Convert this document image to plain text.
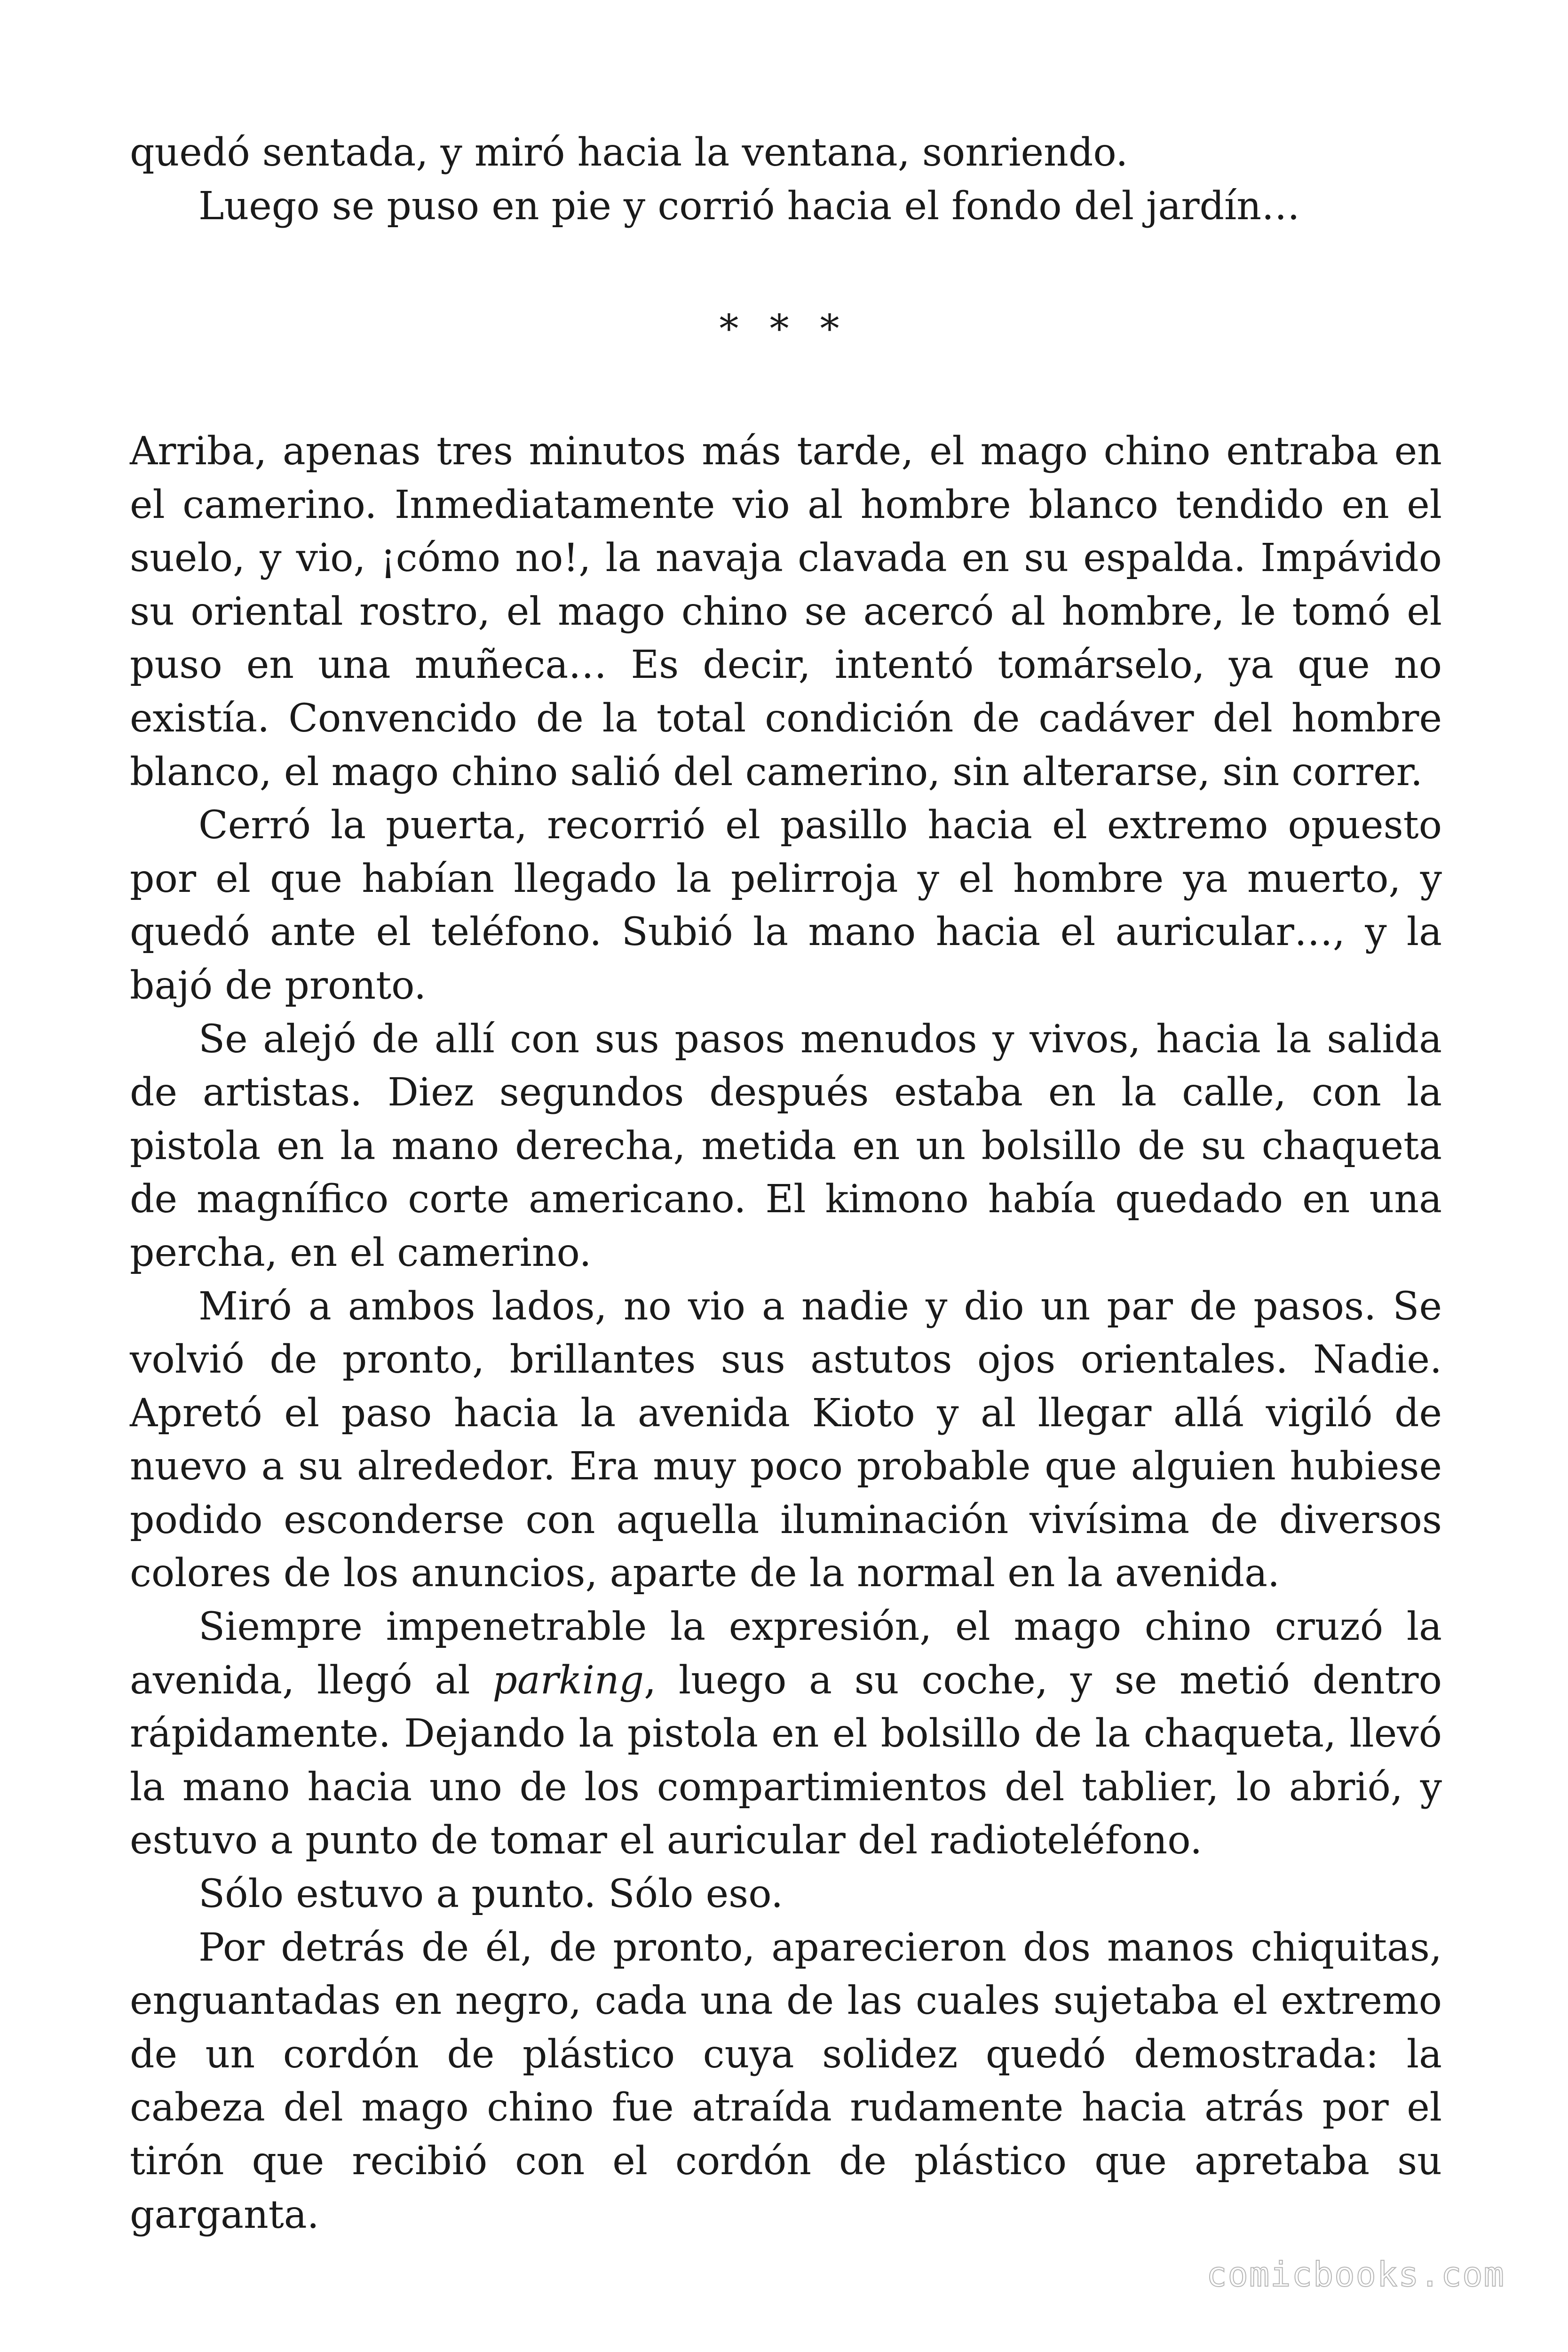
quedó sentada, y miró hacia la ventana, sonriendo.

Luego se puso en pie y corrió hacia el fondo del jardín…

* * *

Arriba, apenas tres minutos más tarde, el mago chino entraba en el camerino. Inmediatamente vio al hombre blanco tendido en el suelo, y vio, ¡cómo no!, la navaja clavada en su espalda. Impávido su oriental rostro, el mago chino se acercó al hombre, le tomó el puso en una muñeca… Es decir, intentó tomárselo, ya que no existía. Convencido de la total condición de cadáver del hombre blanco, el mago chino salió del camerino, sin alterarse, sin correr.

Cerró la puerta, recorrió el pasillo hacia el extremo opuesto por el que habían llegado la pelirroja y el hombre ya muerto, y quedó ante el teléfono. Subió la mano hacia el auricular…, y la bajó de pronto.

Se alejó de allí con sus pasos menudos y vivos, hacia la salida de artistas. Diez segundos después estaba en la calle, con la pistola en la mano derecha, metida en un bolsillo de su chaqueta de magnífico corte americano. El kimono había quedado en una percha, en el camerino.

Miró a ambos lados, no vio a nadie y dio un par de pasos. Se volvió de pronto, brillantes sus astutos ojos orientales. Nadie. Apretó el paso hacia la avenida Kioto y al llegar allá vigiló de nuevo a su alrededor. Era muy poco probable que alguien hubiese podido esconderse con aquella iluminación vivísima de diversos colores de los anuncios, aparte de la normal en la avenida.

Siempre impenetrable la expresión, el mago chino cruzó la avenida, llegó al parking, luego a su coche, y se metió dentro rápidamente. Dejando la pistola en el bolsillo de la chaqueta, llevó la mano hacia uno de los compartimientos del tablier, lo abrió, y estuvo a punto de tomar el auricular del radioteléfono.

Sólo estuvo a punto. Sólo eso.

Por detrás de él, de pronto, aparecieron dos manos chiquitas, enguantadas en negro, cada una de las cuales sujetaba el extremo de un cordón de plástico cuya solidez quedó demostrada: la cabeza del mago chino fue atraída rudamente hacia atrás por el tirón que recibió con el cordón de plástico que apretaba su garganta.

comicbooks.com
